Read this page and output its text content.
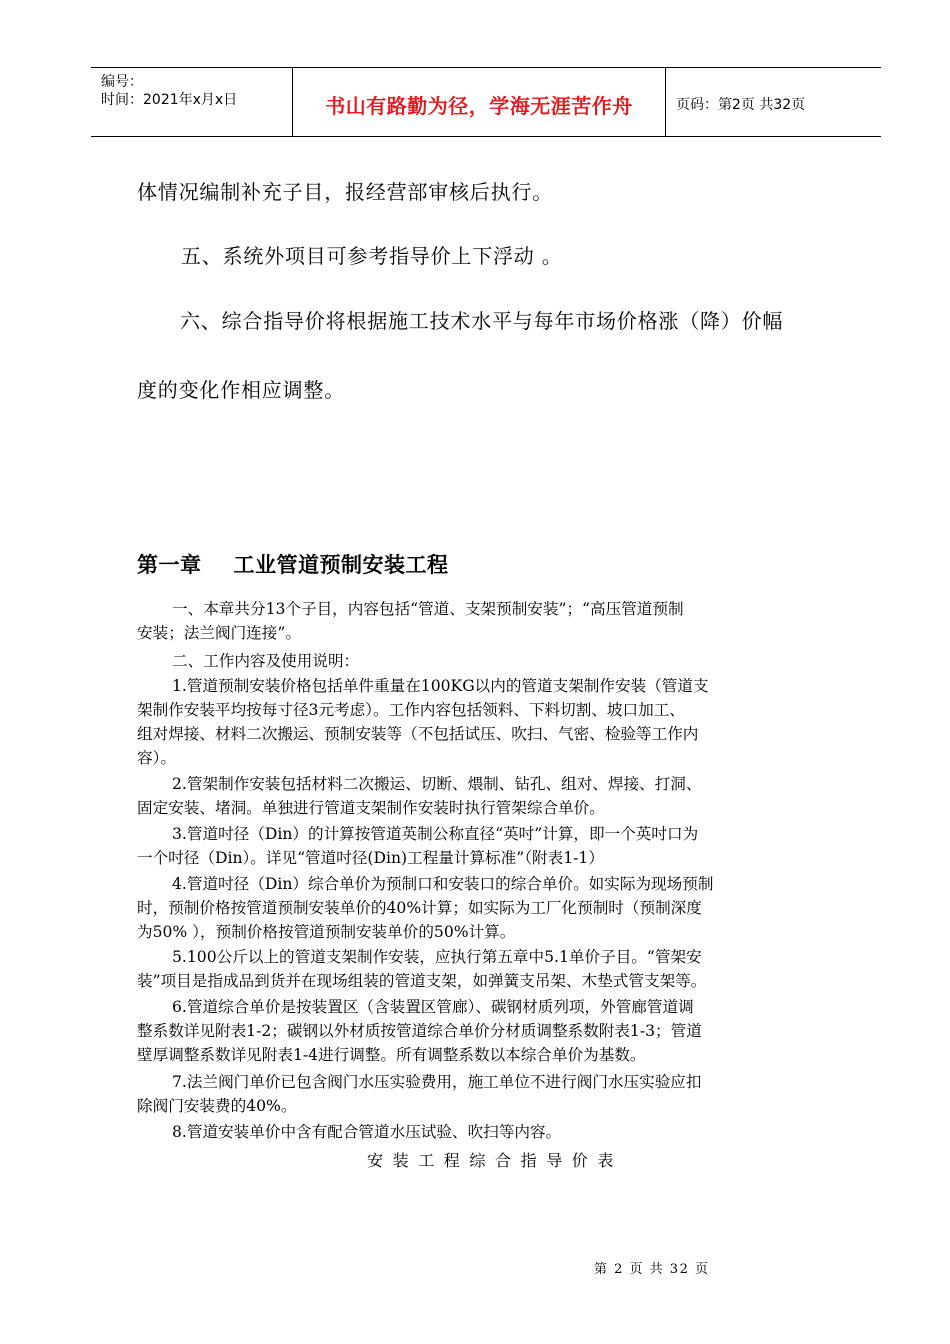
编号：
时间：2021年x月x日	书山有路勤为径，学海无涯苦作舟	页码：第2页 共32页
体情况编制补充子目，报经营部审核后执行。
五、系统外项目可参考指导价上下浮动 。
六、综合指导价将根据施工技术水平与每年市场价格涨（降）价幅
度的变化作相应调整。
第一章 工业管道预制安装工程
一、本章共分13个子目，内容包括“管道、支架预制安装”；“高压管道预制
安装；法兰阀门连接”。
二、工作内容及使用说明：
1.管道预制安装价格包括单件重量在100KG以内的管道支架制作安装（管道支
架制作安装平均按每寸径3元考虑）。工作内容包括领料、下料切割、坡口加工、
组对焊接、材料二次搬运、预制安装等（不包括试压、吹扫、气密、检验等工作内
容）。
2.管架制作安装包括材料二次搬运、切断、煨制、钻孔、组对、焊接、打洞、
固定安装、堵洞。单独进行管道支架制作安装时执行管架综合单价。
3.管道吋径（Din）的计算按管道英制公称直径“英吋”计算，即一个英吋口为
一个吋径（Din）。详见“管道吋径(Din)工程量计算标准”（附表1-1）
4.管道吋径（Din）综合单价为预制口和安装口的综合单价。如实际为现场预制
时，预制价格按管道预制安装单价的40%计算；如实际为工厂化预制时（预制深度
为50% ），预制价格按管道预制安装单价的50%计算。
5.100公斤以上的管道支架制作安装，应执行第五章中5.1单价子目。“管架安
装”项目是指成品到货并在现场组装的管道支架，如弹簧支吊架、木垫式管支架等。
6.管道综合单价是按装置区（含装置区管廊）、碳钢材质列项，外管廊管道调
整系数详见附表1-2；碳钢以外材质按管道综合单价分材质调整系数附表1-3；管道
壁厚调整系数详见附表1-4进行调整。所有调整系数以本综合单价为基数。
7.法兰阀门单价已包含阀门水压实验费用，施工单位不进行阀门水压实验应扣
除阀门安装费的40%。
8.管道安装单价中含有配合管道水压试验、吹扫等内容。
安装工程综合指导价表
第 2 页 共 32 页
